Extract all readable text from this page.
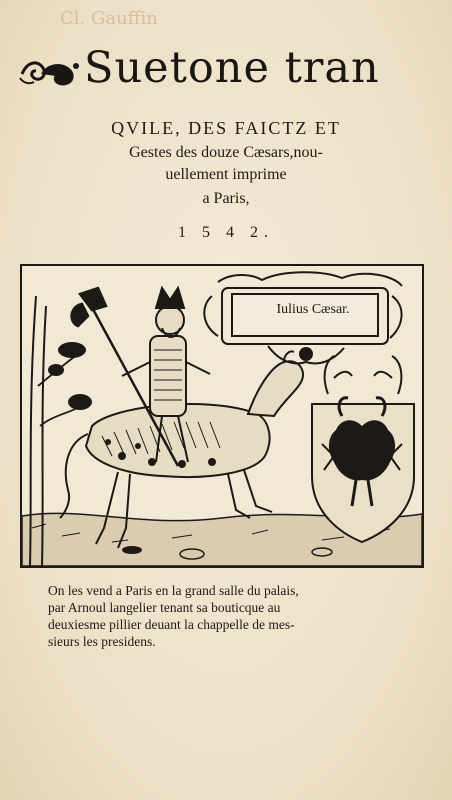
Cl. Gauffin
Suetone tran
QVILE, DES FAICTZ ET
Gestes des douze Cæsars,nou-
uellement imprime
a Paris,
1 5 4 2.
Iulius Cæsar.
On les vend a Paris en la grand salle du palais,
par Arnoul langelier tenant sa bouticque au
deuxiesme pillier deuant la chappelle de mes-
sieurs les presidens.
